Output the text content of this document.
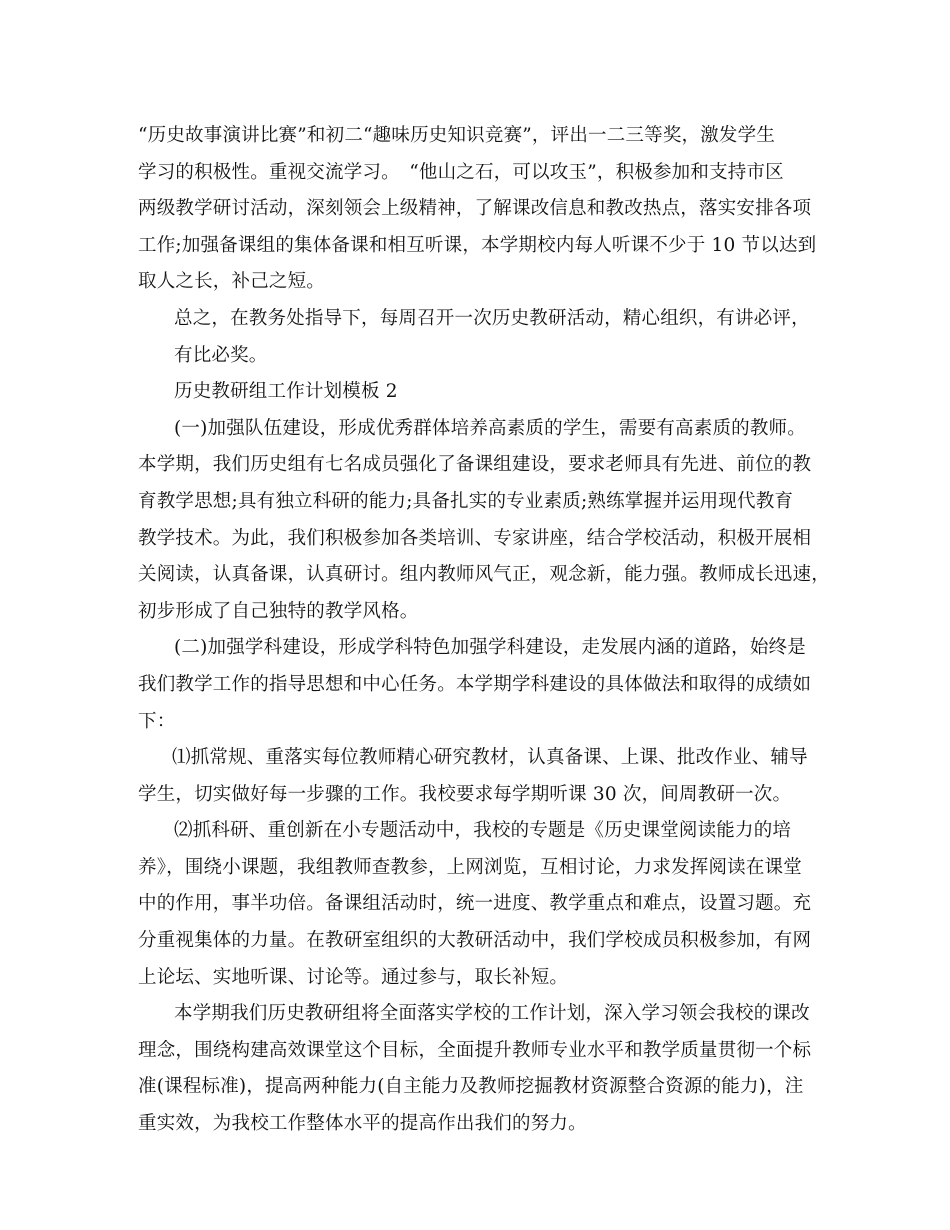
“历史故事演讲比赛”和初二“趣味历史知识竞赛”，评出一二三等奖，激发学生
学习的积极性。重视交流学习。　“他山之石，可以攻玉”，积极参加和支持市区
两级教学研讨活动，深刻领会上级精神，了解课改信息和教改热点，落实安排各项
工作;加强备课组的集体备课和相互听课，本学期校内每人听课不少于 10 节以达到
取人之长，补己之短。
总之，在教务处指导下，每周召开一次历史教研活动，精心组织，有讲必评，
有比必奖。
历史教研组工作计划模板 2
(一)加强队伍建设，形成优秀群体培养高素质的学生，需要有高素质的教师。
本学期，我们历史组有七名成员强化了备课组建设，要求老师具有先进、前位的教
育教学思想;具有独立科研的能力;具备扎实的专业素质;熟练掌握并运用现代教育
教学技术。为此，我们积极参加各类培训、专家讲座，结合学校活动，积极开展相
关阅读，认真备课，认真研讨。组内教师风气正，观念新，能力强。教师成长迅速，
初步形成了自己独特的教学风格。
(二)加强学科建设，形成学科特色加强学科建设，走发展内涵的道路，始终是
我们教学工作的指导思想和中心任务。本学期学科建设的具体做法和取得的成绩如
下：
⑴抓常规、重落实每位教师精心研究教材，认真备课、上课、批改作业、辅导
学生，切实做好每一步骤的工作。我校要求每学期听课 30 次，间周教研一次。
⑵抓科研、重创新在小专题活动中，我校的专题是《历史课堂阅读能力的培
养》，围绕小课题，我组教师查教参，上网浏览，互相讨论，力求发挥阅读在课堂
中的作用，事半功倍。备课组活动时，统一进度、教学重点和难点，设置习题。充
分重视集体的力量。在教研室组织的大教研活动中，我们学校成员积极参加，有网
上论坛、实地听课、讨论等。通过参与，取长补短。
本学期我们历史教研组将全面落实学校的工作计划，深入学习领会我校的课改
理念，围绕构建高效课堂这个目标，全面提升教师专业水平和教学质量贯彻一个标
准(课程标准)，提高两种能力(自主能力及教师挖掘教材资源整合资源的能力)，注
重实效，为我校工作整体水平的提高作出我们的努力。
